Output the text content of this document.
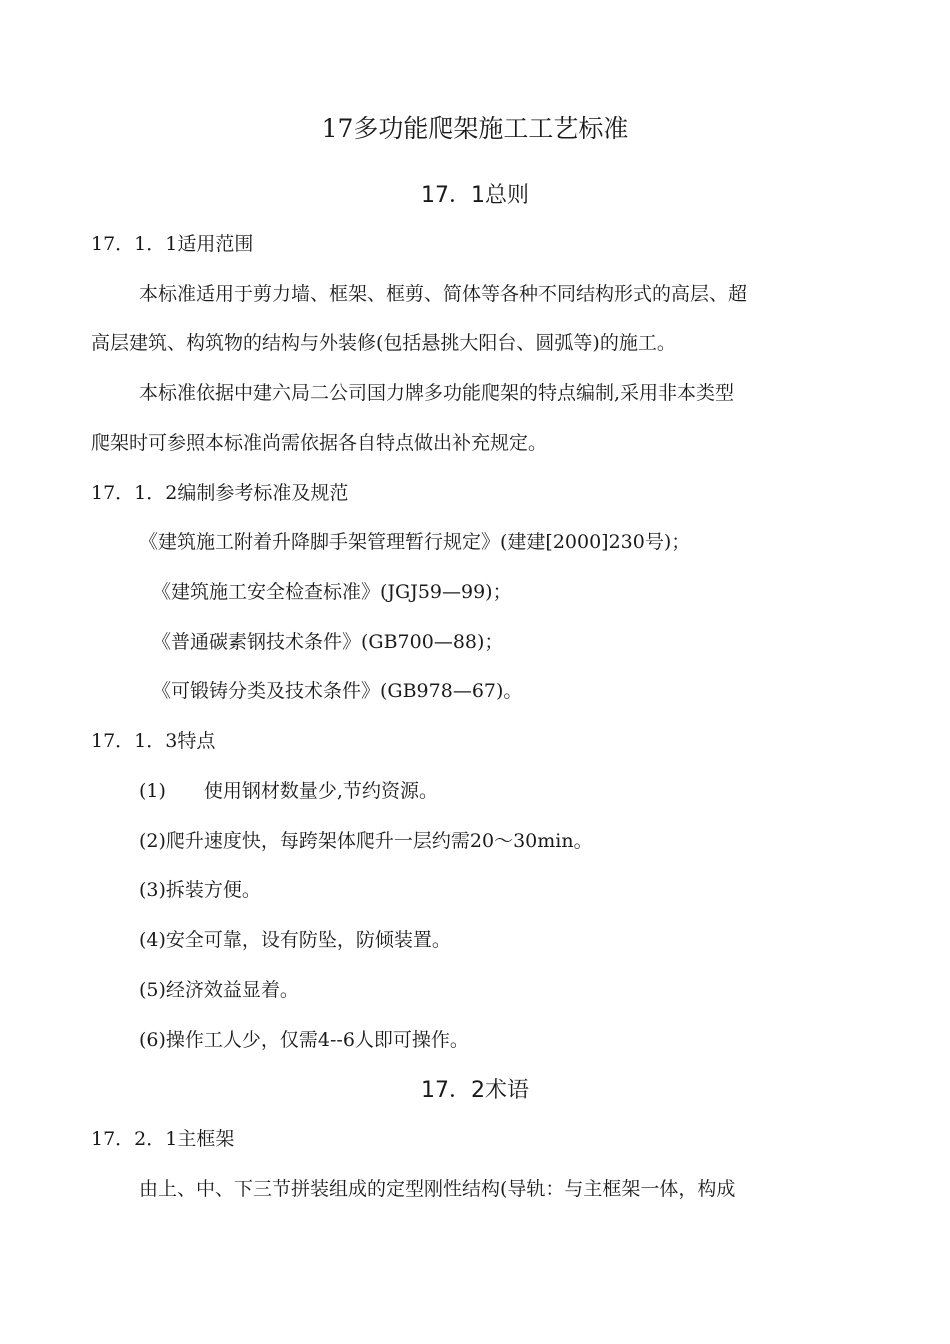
17多功能爬架施工工艺标准
17．1总则
17．1．1适用范围
本标准适用于剪力墙、框架、框剪、简体等各种不同结构形式的高层、超
高层建筑、构筑物的结构与外装修(包括悬挑大阳台、圆弧等)的施工。
本标准依据中建六局二公司国力牌多功能爬架的特点编制,采用非本类型
爬架时可参照本标准尚需依据各自特点做出补充规定。
17．1．2编制参考标准及规范
《建筑施工附着升降脚手架管理暂行规定》(建建[2000]230号)；
《建筑施工安全检查标准》(JGJ59—99)；
《普通碳素钢技术条件》(GB700—88)；
《可锻铸分类及技术条件》(GB978—67)。
17．1．3特点
(1) 使用钢材数量少,节约资源。
(2)爬升速度快，每跨架体爬升一层约需20〜30min。
(3)拆装方便。
(4)安全可靠，设有防坠，防倾装置。
(5)经济效益显着。
(6)操作工人少，仅需4--6人即可操作。
17．2术语
17．2．1主框架
由上、中、下三节拼装组成的定型刚性结构(导轨：与主框架一体，构成
